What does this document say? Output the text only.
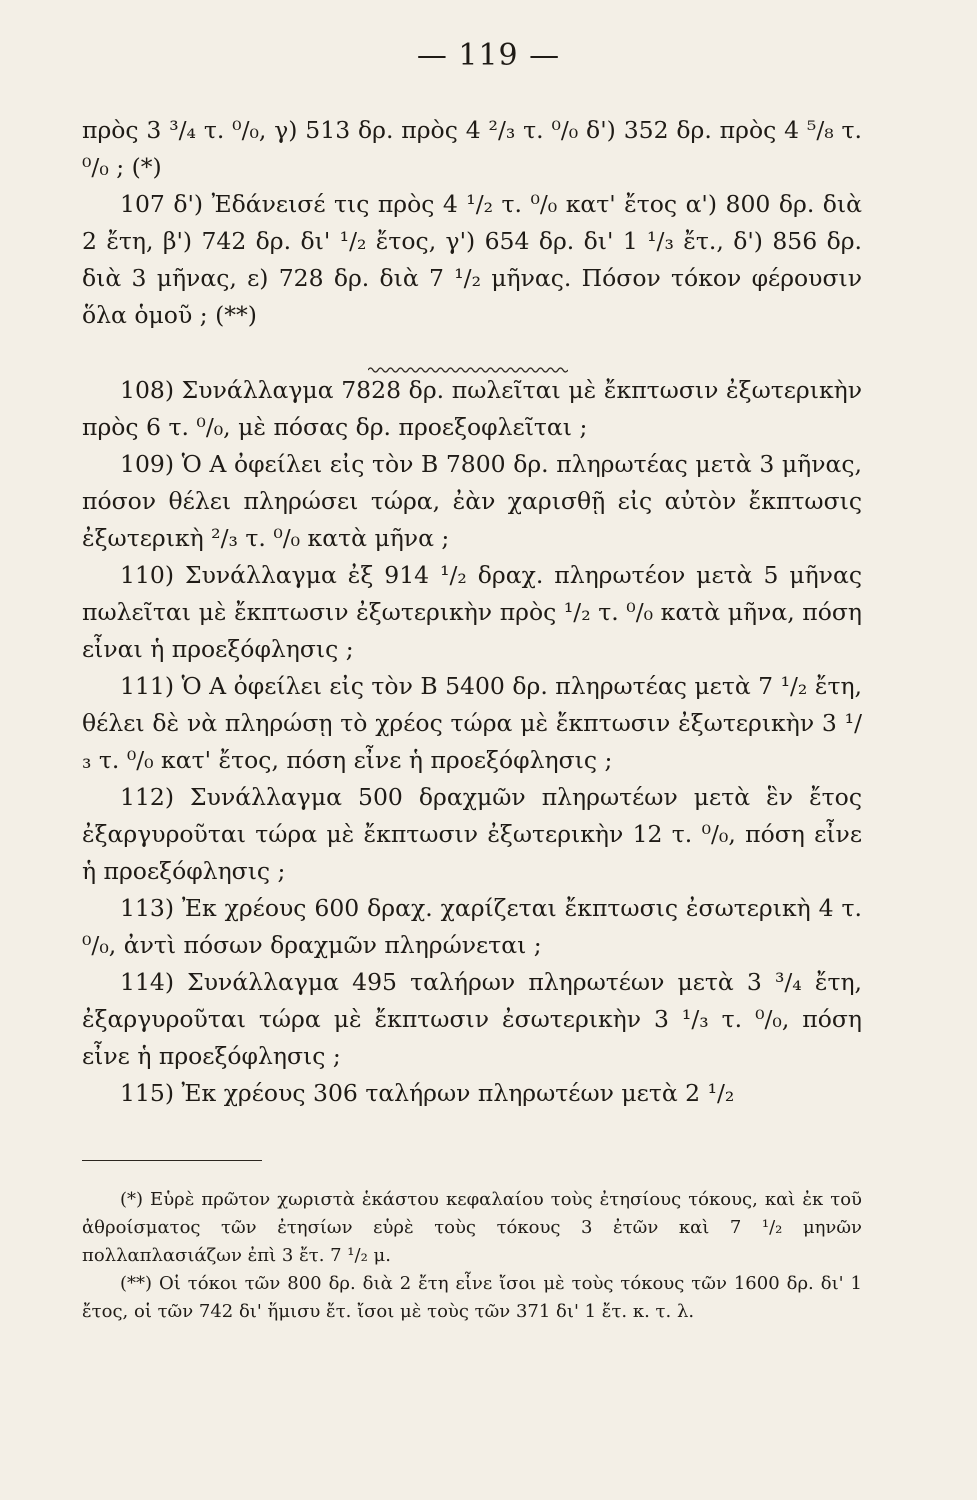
— 119 —

πρὸς 3 ³/₄ τ. ⁰/₀, γ) 513 δρ. πρὸς 4 ²/₃ τ. ⁰/₀ δ') 352 δρ. πρὸς 4 ⁵/₈ τ. ⁰/₀ ; (*)

107 δ') Ἐδάνεισέ τις πρὸς 4 ¹/₂ τ. ⁰/₀ κατ' ἔτος α') 800 δρ. διὰ 2 ἔτη, β') 742 δρ. δι' ¹/₂ ἔτος, γ') 654 δρ. δι' 1 ¹/₃ ἔτ., δ') 856 δρ. διὰ 3 μῆνας, ε) 728 δρ. διὰ 7 ¹/₂ μῆνας. Πόσον τόκον φέρουσιν ὅλα ὁμοῦ ; (**)

108) Συνάλλαγμα 7828 δρ. πωλεῖται μὲ ἔκπτωσιν ἐξωτερικὴν πρὸς 6 τ. ⁰/₀, μὲ πόσας δρ. προεξοφλεῖται ;

109) Ὁ Α ὀφείλει εἰς τὸν Β 7800 δρ. πληρωτέας μετὰ 3 μῆνας, πόσον θέλει πληρώσει τώρα, ἐὰν χαρισθῇ εἰς αὐτὸν ἔκπτωσις ἐξωτερικὴ ²/₃ τ. ⁰/₀ κατὰ μῆνα ;

110) Συνάλλαγμα ἐξ 914 ¹/₂ δραχ. πληρωτέον μετὰ 5 μῆνας πωλεῖται μὲ ἔκπτωσιν ἐξωτερικὴν πρὸς ¹/₂ τ. ⁰/₀ κατὰ μῆνα, πόση εἶναι ἡ προεξόφλησις ;

111) Ὁ Α ὀφείλει εἰς τὸν Β 5400 δρ. πληρωτέας μετὰ 7 ¹/₂ ἔτη, θέλει δὲ νὰ πληρώσῃ τὸ χρέος τώρα μὲ ἔκπτωσιν ἐξωτερικὴν 3 ¹/₃ τ. ⁰/₀ κατ' ἔτος, πόση εἶνε ἡ προεξόφλησις ;

112) Συνάλλαγμα 500 δραχμῶν πληρωτέων μετὰ ἓν ἔτος ἐξαργυροῦται τώρα μὲ ἔκπτωσιν ἐξωτερικὴν 12 τ. ⁰/₀, πόση εἶνε ἡ προεξόφλησις ;

113) Ἐκ χρέους 600 δραχ. χαρίζεται ἔκπτωσις ἐσωτερικὴ 4 τ. ⁰/₀, ἀντὶ πόσων δραχμῶν πληρώνεται ;

114) Συνάλλαγμα 495 ταλήρων πληρωτέων μετὰ 3 ³/₄ ἔτη, ἐξαργυροῦται τώρα μὲ ἔκπτωσιν ἐσωτερικὴν 3 ¹/₃ τ. ⁰/₀, πόση εἶνε ἡ προεξόφλησις ;

115) Ἐκ χρέους 306 ταλήρων πληρωτέων μετὰ 2 ¹/₂

(*) Εὑρὲ πρῶτον χωριστὰ ἑκάστου κεφαλαίου τοὺς ἐτησίους τόκους, καὶ ἐκ τοῦ ἀθροίσματος τῶν ἐτησίων εὑρὲ τοὺς τόκους 3 ἐτῶν καὶ 7 ¹/₂ μηνῶν πολλαπλασιάζων ἐπὶ 3 ἔτ. 7 ¹/₂ μ.

(**) Οἱ τόκοι τῶν 800 δρ. διὰ 2 ἔτη εἶνε ἴσοι μὲ τοὺς τόκους τῶν 1600 δρ. δι' 1 ἔτος, οἱ τῶν 742 δι' ἥμισυ ἔτ. ἴσοι μὲ τοὺς τῶν 371 δι' 1 ἔτ. κ. τ. λ.
